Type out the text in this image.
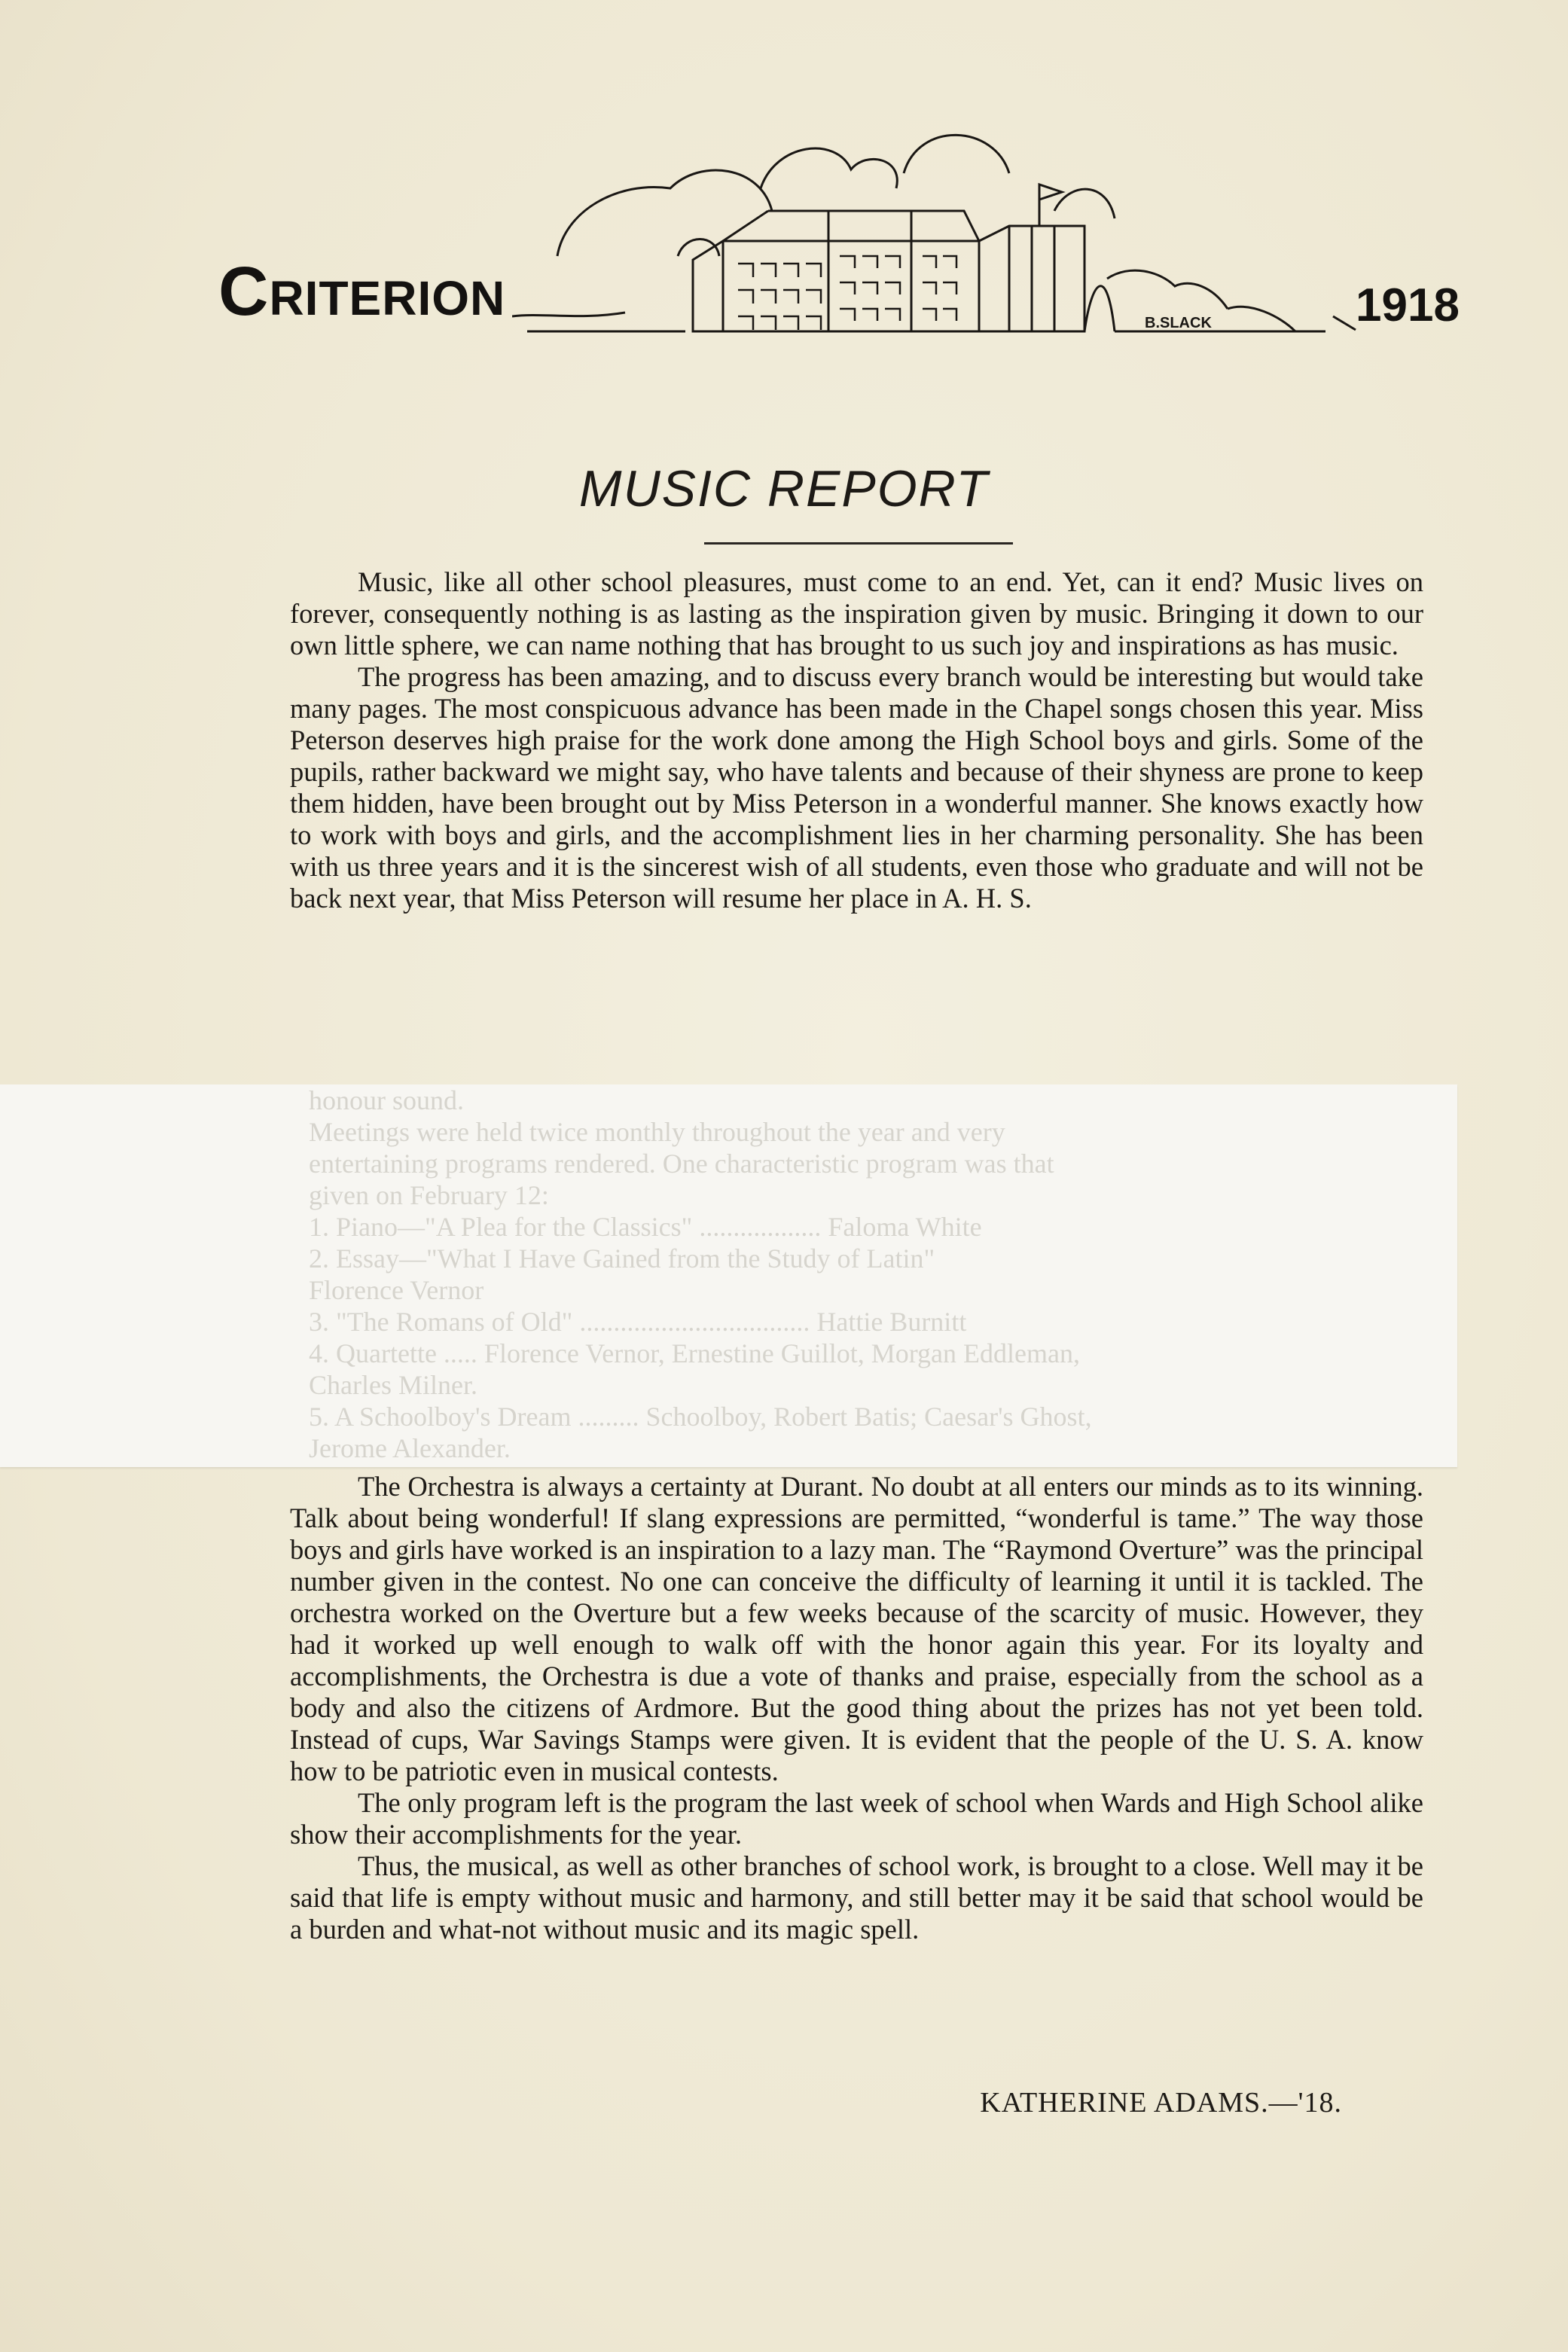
Criterion	B.SLACK	1918
MUSIC REPORT

Music, like all other school pleasures, must come to an end. Yet, can it end? Music lives on forever, consequently nothing is as lasting as the inspiration given by music. Bringing it down to our own little sphere, we can name nothing that has brought to us such joy and inspirations as has music.

The progress has been amazing, and to discuss every branch would be interesting but would take many pages. The most conspicuous advance has been made in the Chapel songs chosen this year. Miss Peterson deserves high praise for the work done among the High School boys and girls. Some of the pupils, rather backward we might say, who have talents and because of their shyness are prone to keep them hidden, have been brought out by Miss Peterson in a wonderful manner. She knows exactly how to work with boys and girls, and the accomplishment lies in her charming personality. She has been with us three years and it is the sincerest wish of all students, even those who graduate and will not be back next year, that Miss Peterson will resume her place in A. H. S.

honour sound.
Meetings were held twice monthly throughout the year and very
entertaining programs rendered. One characteristic program was that
given on February 12:
1. Piano—"A Plea for the Classics" .................. Faloma White
2. Essay—"What I Have Gained from the Study of Latin"
Florence Vernor
3. "The Romans of Old" .................................. Hattie Burnitt
4. Quartette ..... Florence Vernor, Ernestine Guillot, Morgan Eddleman,
Charles Milner.
5. A Schoolboy's Dream ......... Schoolboy, Robert Batis; Caesar's Ghost,
Jerome Alexander.

The Orchestra is always a certainty at Durant. No doubt at all enters our minds as to its winning. Talk about being wonderful! If slang expressions are permitted, “wonderful is tame.” The way those boys and girls have worked is an inspiration to a lazy man. The “Raymond Overture” was the principal number given in the contest. No one can conceive the difficulty of learning it until it is tackled. The orchestra worked on the Overture but a few weeks because of the scarcity of music. However, they had it worked up well enough to walk off with the honor again this year. For its loyalty and accomplishments, the Orchestra is due a vote of thanks and praise, especially from the school as a body and also the citizens of Ardmore. But the good thing about the prizes has not yet been told. Instead of cups, War Savings Stamps were given. It is evident that the people of the U. S. A. know how to be patriotic even in musical contests.

The only program left is the program the last week of school when Wards and High School alike show their accomplishments for the year.

Thus, the musical, as well as other branches of school work, is brought to a close. Well may it be said that life is empty without music and harmony, and still better may it be said that school would be a burden and what-not without music and its magic spell.

KATHERINE ADAMS.—'18.
